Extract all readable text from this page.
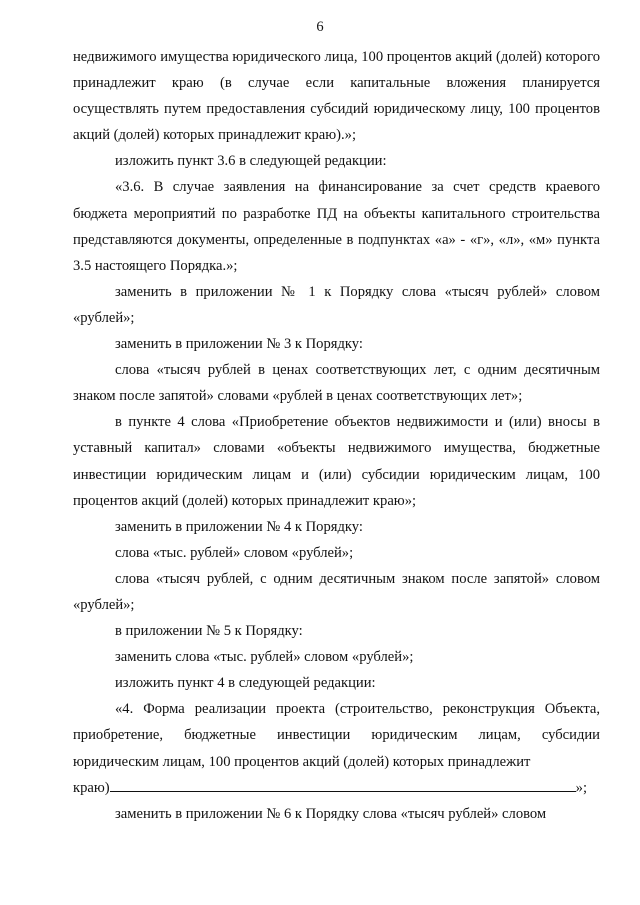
6

недвижимого имущества юридического лица, 100 процентов акций (долей) которого принадлежит краю (в случае если капитальные вложения планируется осуществлять путем предоставления субсидий юридическому лицу, 100 процентов акций (долей) которых принадлежит краю).»;

изложить пункт 3.6 в следующей редакции:

«3.6. В случае заявления на финансирование за счет средств краевого бюджета мероприятий по разработке ПД на объекты капитального строительства представляются документы, определенные в подпунктах «а» - «г», «л», «м» пункта 3.5 настоящего Порядка.»;

заменить в приложении № 1 к Порядку слова «тысяч рублей» словом «рублей»;

заменить в приложении № 3 к Порядку:

слова «тысяч рублей в ценах соответствующих лет, с одним десятичным знаком после запятой» словами «рублей в ценах соответствующих лет»;

в пункте 4 слова «Приобретение объектов недвижимости и (или) вносы в уставный капитал» словами «объекты недвижимого имущества, бюджетные инвестиции юридическим лицам и (или) субсидии юридическим лицам, 100 процентов акций (долей) которых принадлежит краю»;

заменить в приложении № 4 к Порядку:

слова «тыс. рублей» словом «рублей»;

слова «тысяч рублей, с одним десятичным знаком после запятой» словом «рублей»;

в приложении № 5 к Порядку:

заменить слова «тыс. рублей» словом «рублей»;

изложить пункт 4 в следующей редакции:

«4. Форма реализации проекта (строительство, реконструкция Объекта, приобретение, бюджетные инвестиции юридическим лицам, субсидии юридическим лицам, 100 процентов акций (долей) которых принадлежит

краю)	»;

заменить в приложении № 6 к Порядку слова «тысяч рублей» словом
